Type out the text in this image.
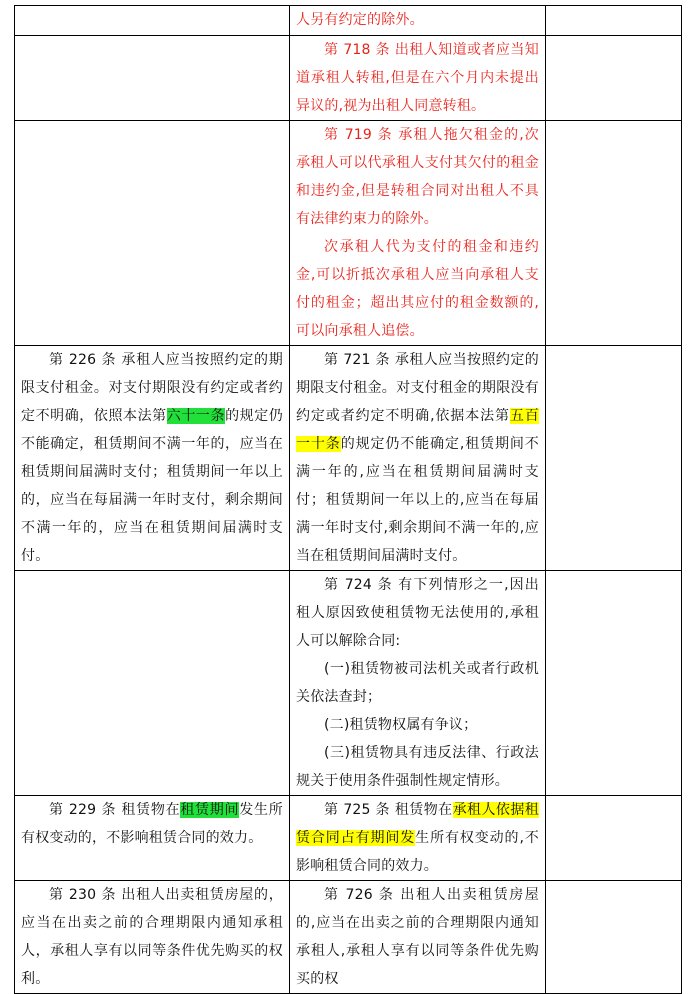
	人另有约定的除外。	

	第 718 条 出租人知道或者应当知道承租人转租,但是在六个月内未提出异议的,视为出租人同意转租。	

	第 719 条 承租人拖欠租金的,次承租人可以代承租人支付其欠付的租金和违约金,但是转租合同对出租人不具有法律约束力的除外。

次承租人代为支付的租金和违约金,可以折抵次承租人应当向承租人支付的租金；超出其应付的租金数额的,可以向承租人追偿。	

第 226 条 承租人应当按照约定的期限支付租金。对支付期限没有约定或者约定不明确，依照本法第六十一条的规定仍不能确定，租赁期间不满一年的，应当在租赁期间届满时支付；租赁期间一年以上的，应当在每届满一年时支付，剩余期间不满一年的，应当在租赁期间届满时支付。	第 721 条 承租人应当按照约定的期限支付租金。对支付租金的期限没有约定或者约定不明确,依据本法第五百一十条的规定仍不能确定,租赁期间不满一年的,应当在租赁期间届满时支付；租赁期间一年以上的,应当在每届满一年时支付,剩余期间不满一年的,应当在租赁期间届满时支付。	

	第 724 条 有下列情形之一,因出租人原因致使租赁物无法使用的,承租人可以解除合同:

(一)租赁物被司法机关或者行政机关依法查封；

(二)租赁物权属有争议；

(三)租赁物具有违反法律、行政法规关于使用条件强制性规定情形。	

第 229 条 租赁物在租赁期间发生所有权变动的，不影响租赁合同的效力。	第 725 条 租赁物在承租人依据租赁合同占有期间发生所有权变动的,不影响租赁合同的效力。	

第 230 条 出租人出卖租赁房屋的，应当在出卖之前的合理期限内通知承租人，承租人享有以同等条件优先购买的权利。	第 726 条 出租人出卖租赁房屋的,应当在出卖之前的合理期限内通知承租人,承租人享有以同等条件优先购买的权	
